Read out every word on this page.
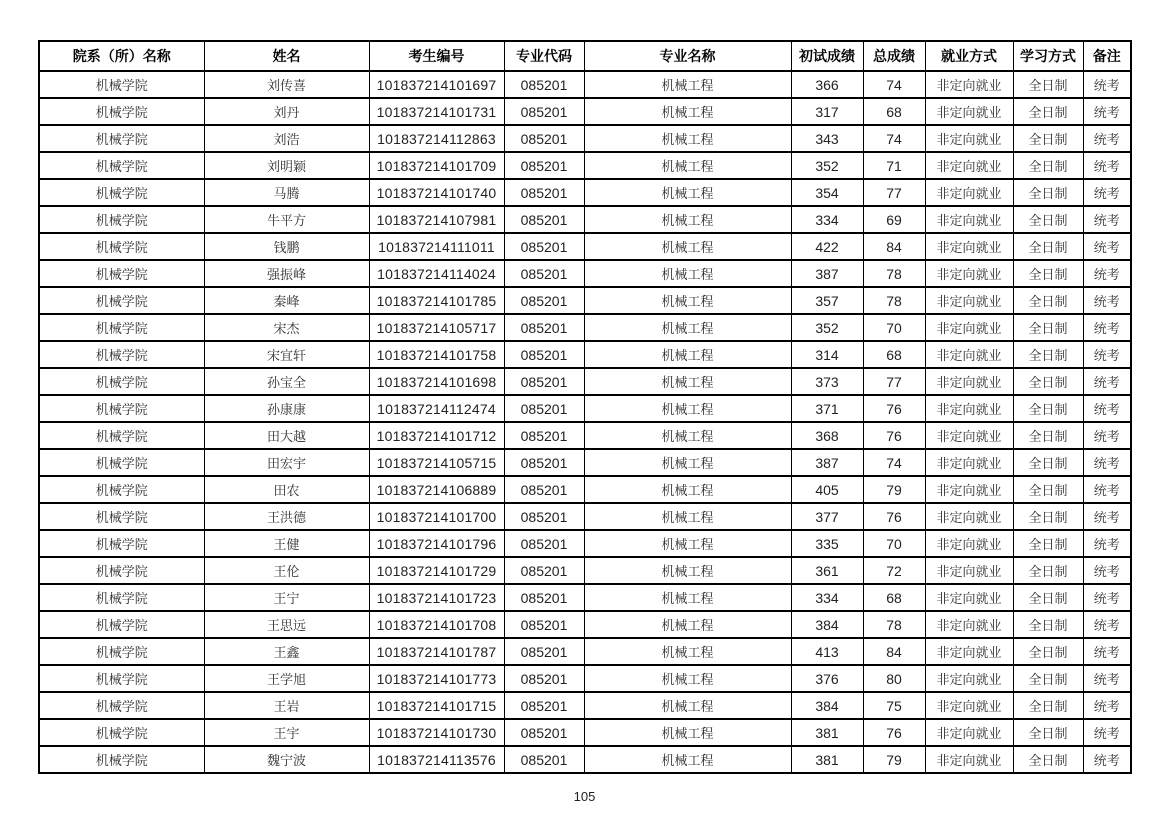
院系（所）名称	姓名	考生编号	专业代码	专业名称	初试成绩	总成绩	就业方式	学习方式	备注
机械学院	刘传喜	101837214101697	085201	机械工程	366	74	非定向就业	全日制	统考
机械学院	刘丹	101837214101731	085201	机械工程	317	68	非定向就业	全日制	统考
机械学院	刘浩	101837214112863	085201	机械工程	343	74	非定向就业	全日制	统考
机械学院	刘明颖	101837214101709	085201	机械工程	352	71	非定向就业	全日制	统考
机械学院	马腾	101837214101740	085201	机械工程	354	77	非定向就业	全日制	统考
机械学院	牛平方	101837214107981	085201	机械工程	334	69	非定向就业	全日制	统考
机械学院	钱鹏	101837214111011	085201	机械工程	422	84	非定向就业	全日制	统考
机械学院	强振峰	101837214114024	085201	机械工程	387	78	非定向就业	全日制	统考
机械学院	秦峰	101837214101785	085201	机械工程	357	78	非定向就业	全日制	统考
机械学院	宋杰	101837214105717	085201	机械工程	352	70	非定向就业	全日制	统考
机械学院	宋宜轩	101837214101758	085201	机械工程	314	68	非定向就业	全日制	统考
机械学院	孙宝全	101837214101698	085201	机械工程	373	77	非定向就业	全日制	统考
机械学院	孙康康	101837214112474	085201	机械工程	371	76	非定向就业	全日制	统考
机械学院	田大越	101837214101712	085201	机械工程	368	76	非定向就业	全日制	统考
机械学院	田宏宇	101837214105715	085201	机械工程	387	74	非定向就业	全日制	统考
机械学院	田农	101837214106889	085201	机械工程	405	79	非定向就业	全日制	统考
机械学院	王洪德	101837214101700	085201	机械工程	377	76	非定向就业	全日制	统考
机械学院	王健	101837214101796	085201	机械工程	335	70	非定向就业	全日制	统考
机械学院	王伦	101837214101729	085201	机械工程	361	72	非定向就业	全日制	统考
机械学院	王宁	101837214101723	085201	机械工程	334	68	非定向就业	全日制	统考
机械学院	王思远	101837214101708	085201	机械工程	384	78	非定向就业	全日制	统考
机械学院	王鑫	101837214101787	085201	机械工程	413	84	非定向就业	全日制	统考
机械学院	王学旭	101837214101773	085201	机械工程	376	80	非定向就业	全日制	统考
机械学院	王岩	101837214101715	085201	机械工程	384	75	非定向就业	全日制	统考
机械学院	王宇	101837214101730	085201	机械工程	381	76	非定向就业	全日制	统考
机械学院	魏宁波	101837214113576	085201	机械工程	381	79	非定向就业	全日制	统考
105
